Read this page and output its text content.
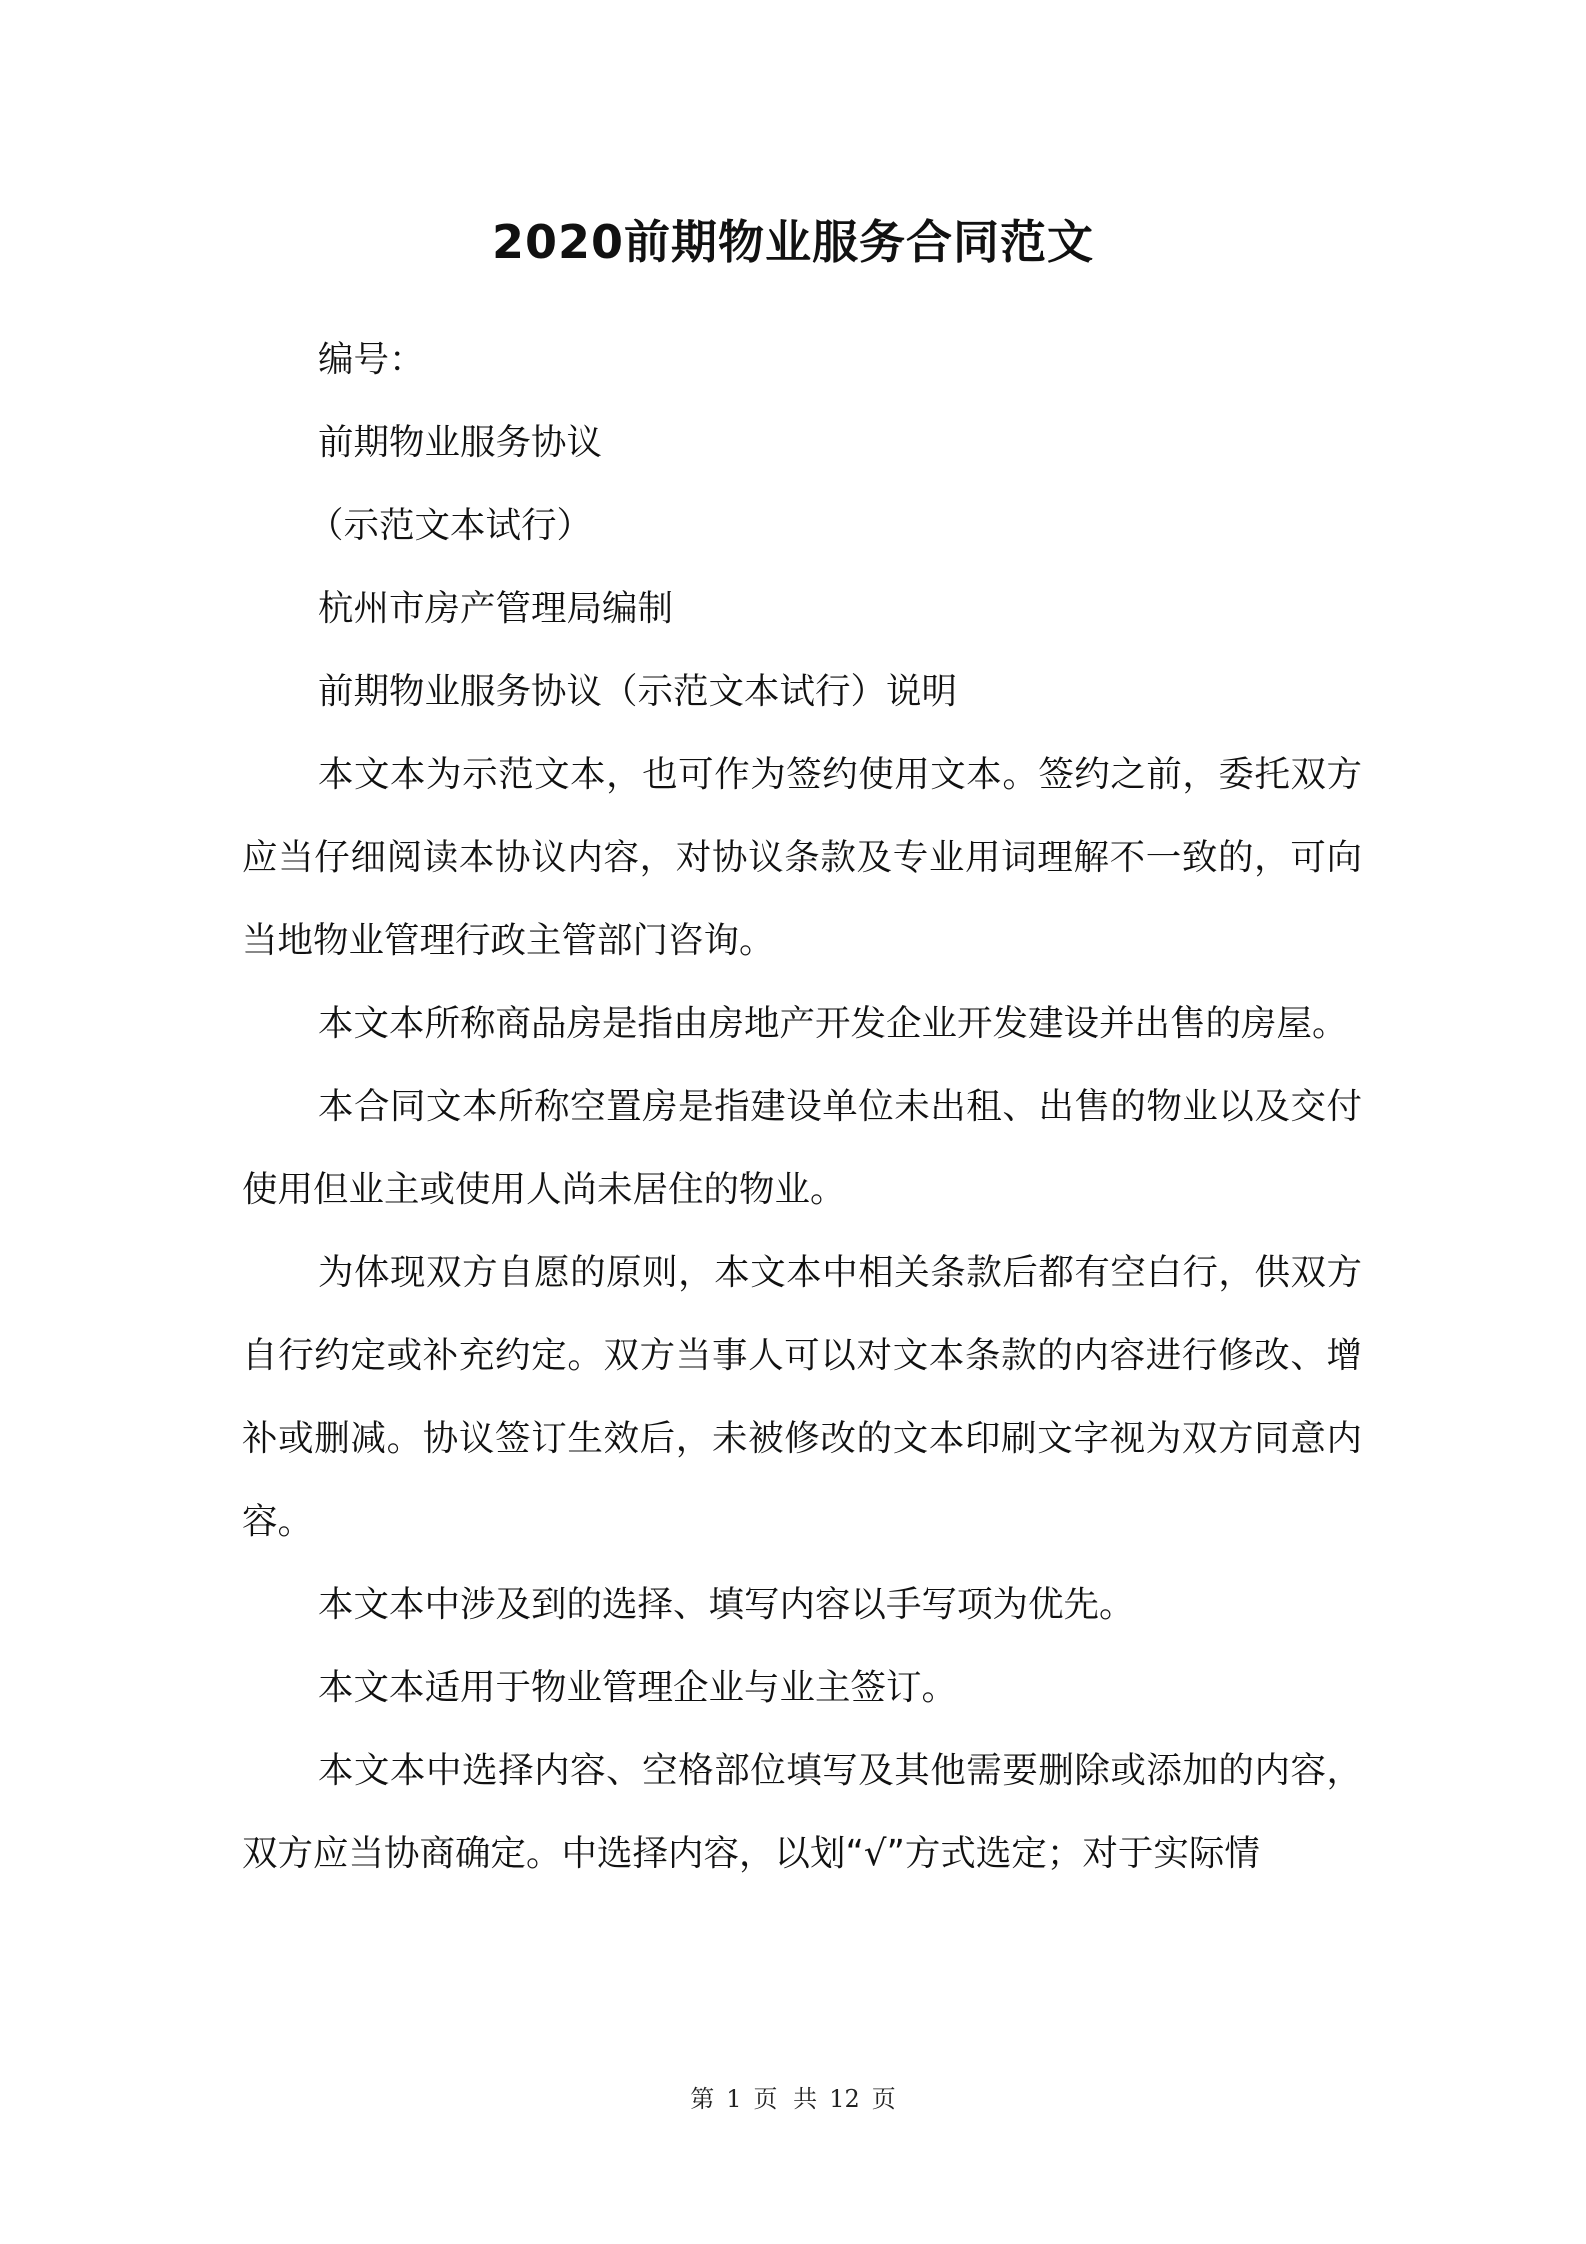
2020前期物业服务合同范文

编号：

前期物业服务协议

（示范文本试行）

杭州市房产管理局编制

前期物业服务协议（示范文本试行）说明

本文本为示范文本，也可作为签约使用文本。签约之前，委托双方应当仔细阅读本协议内容，对协议条款及专业用词理解不一致的，可向当地物业管理行政主管部门咨询。

本文本所称商品房是指由房地产开发企业开发建设并出售的房屋。

本合同文本所称空置房是指建设单位未出租、出售的物业以及交付使用但业主或使用人尚未居住的物业。

为体现双方自愿的原则，本文本中相关条款后都有空白行，供双方自行约定或补充约定。双方当事人可以对文本条款的内容进行修改、增补或删减。协议签订生效后，未被修改的文本印刷文字视为双方同意内容。

本文本中涉及到的选择、填写内容以手写项为优先。

本文本适用于物业管理企业与业主签订。

本文本中选择内容、空格部位填写及其他需要删除或添加的内容，双方应当协商确定。中选择内容，以划“√”方式选定；对于实际情

第 1 页 共 12 页
